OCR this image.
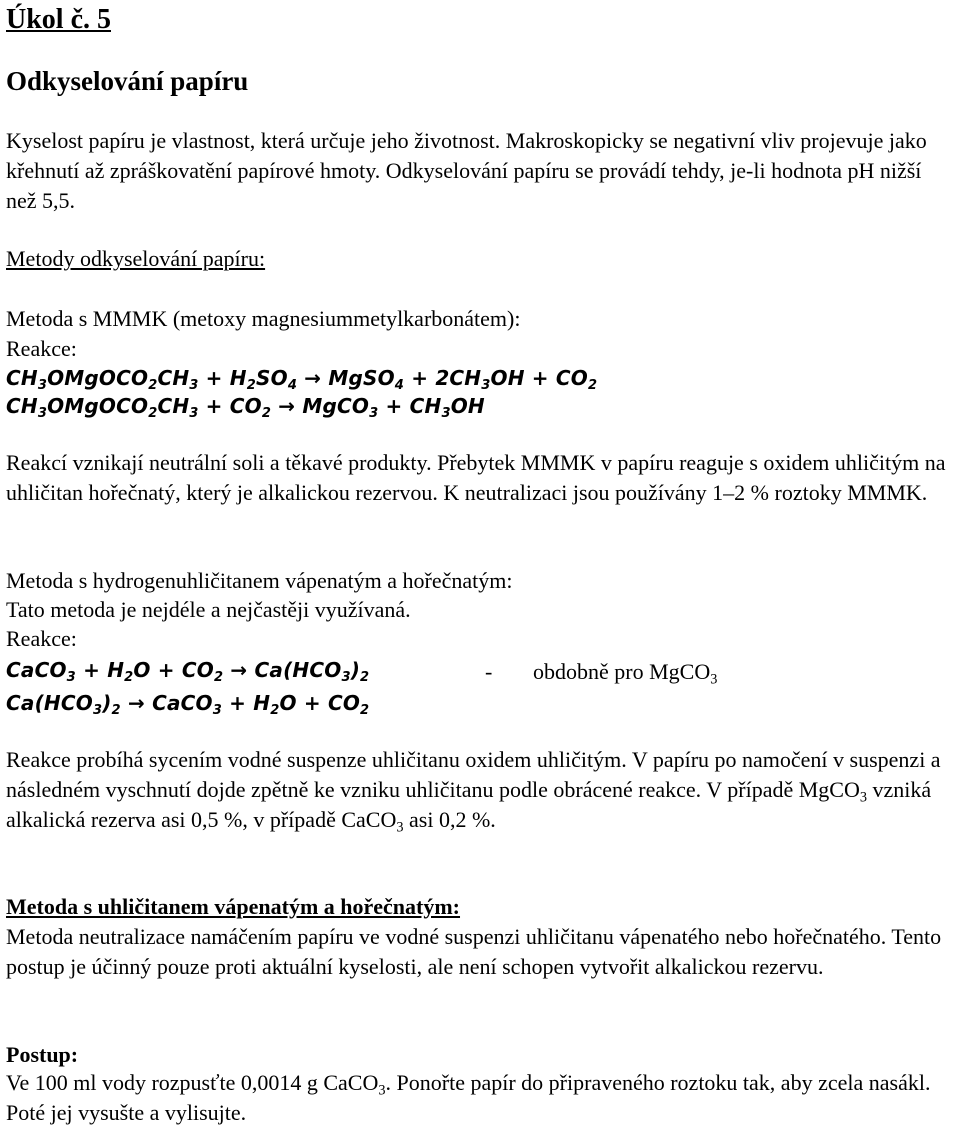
Úkol č. 5
Odkyselování papíru
Kyselost papíru je vlastnost, která určuje jeho životnost. Makroskopicky se negativní vliv projevuje jako křehnutí až zpráškovatění papírové hmoty. Odkyselování papíru se provádí tehdy, je-li hodnota pH nižší než 5,5.
Metody odkyselování papíru:
Metoda s MMMK (metoxy magnesiummetylkarbonátem):
Reakce:
$CH_3OMgOCO_2CH_3 + H_2SO_4$ → MgSO$_4$ + $2CH_3OH + CO_2$
$CH_3OMgOCO_2CH_3 + CO_2$ → MgCO$_3$ + $CH_3OH$
Reakcí vznikají neutrální soli a těkavé produkty. Přebytek MMMK v papíru reaguje s oxidem uhličitým na uhličitan hořečnatý, který je alkalickou rezervou. K neutralizaci jsou používány 1–2 % roztoky MMMK.
Metoda s hydrogenuhličitanem vápenatým a hořečnatým:
Tato metoda je nejdéle a nejčastěji využívaná.
Reakce:
CaCO$_3$ + $H_2O + CO_2 \to Ca(HCO_3)_2$
$Ca(HCO_3)_2$ → CaCO$_3$ + $H_2O + CO_2$
- obdobně pro MgCO$_3$
Reakce probíhá sycením vodné suspenze uhličitanu oxidem uhličitým. V papíru po namočení v suspenzi a následném vyschnutí dojde zpětně ke vzniku uhličitanu podle obrácené reakce. V případě MgCO$_3$ vzniká alkalická rezerva asi 0,5 %, v případě CaCO$_3$ asi 0,2 %.
Metoda s uhličitanem vápenatým a hořečnatým:
Metoda neutralizace namáčením papíru ve vodné suspenzi uhličitanu vápenatého nebo hořečnatého. Tento postup je účinný pouze proti aktuální kyselosti, ale není schopen vytvořit alkalickou rezervu.
Postup:
Ve 100 ml vody rozpusťte 0,0014 g CaCO$_3$. Ponořte papír do připraveného roztoku tak, aby zcela nasákl. Poté jej vysušte a vylisujte.
